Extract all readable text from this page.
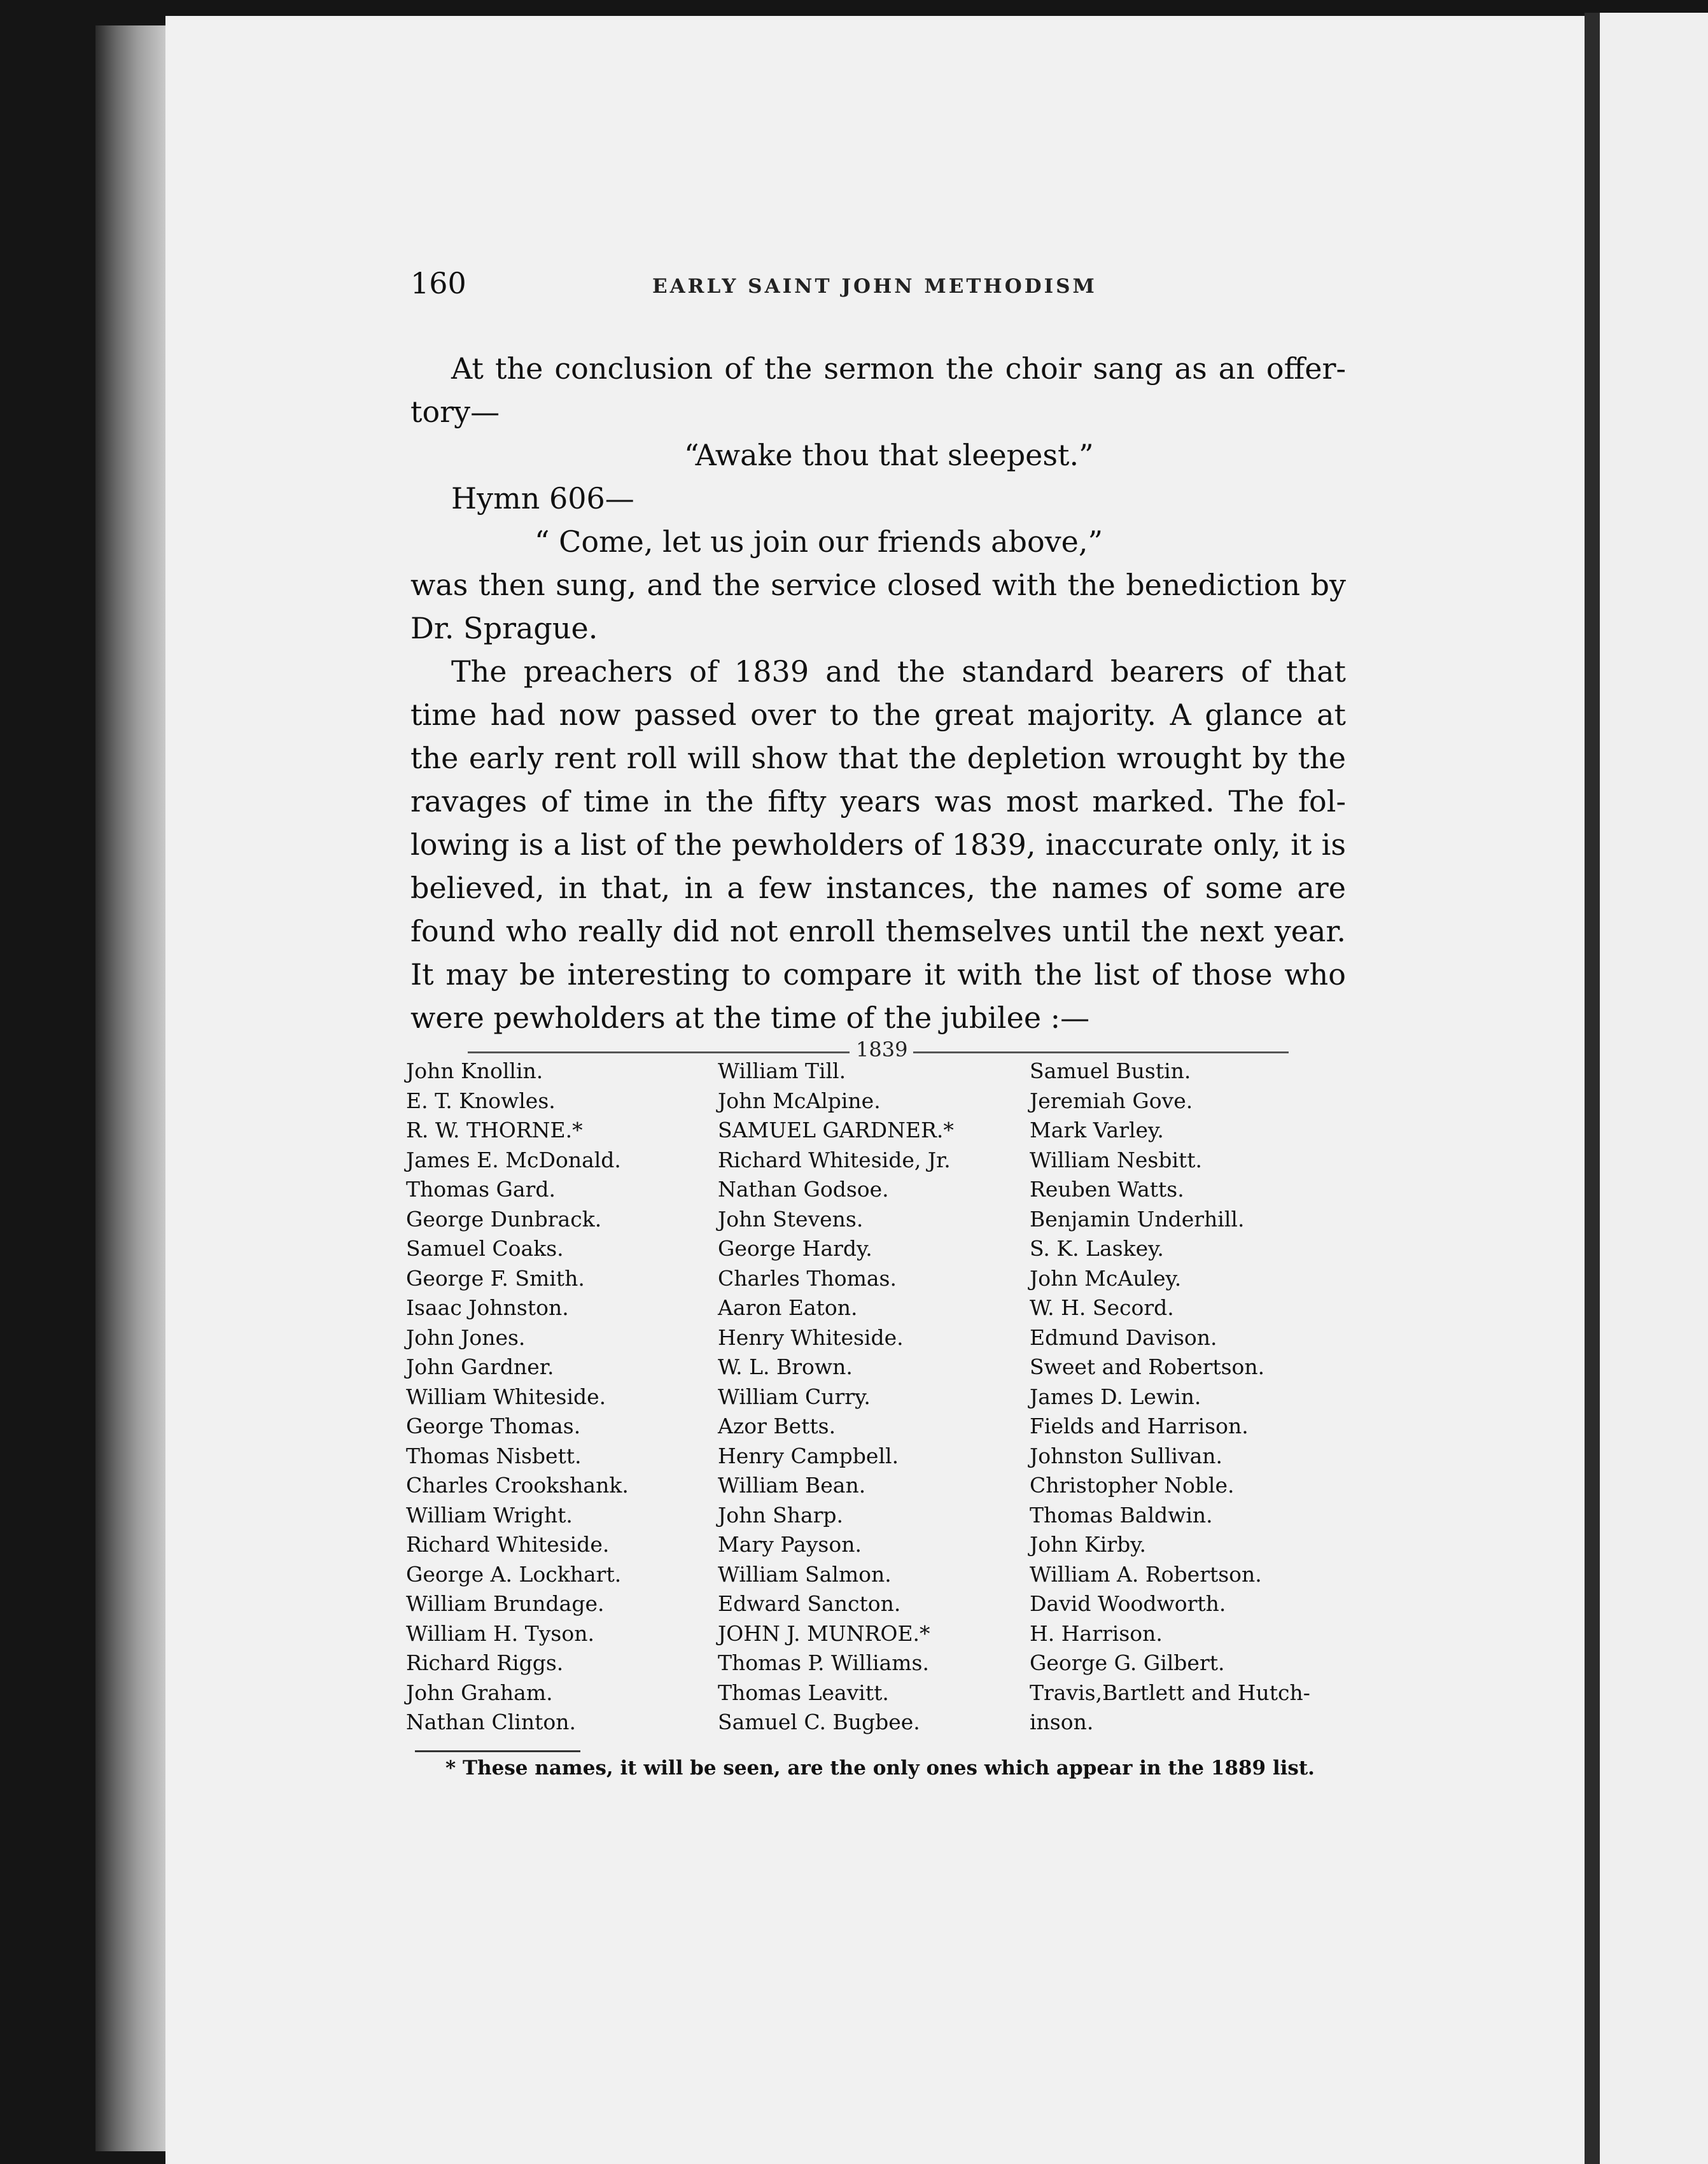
160	EARLY SAINT JOHN METHODISM

At the conclusion of the sermon the choir sang as an offer-tory—

“Awake thou that sleepest.”

Hymn 606—

“ Come, let us join our friends above,”

was then sung, and the service closed with the benediction by Dr. Sprague.

The preachers of 1839 and the standard bearers of that time had now passed over to the great majority. A glance at the early rent roll will show that the depletion wrought by the ravages of time in the fifty years was most marked. The fol-lowing is a list of the pewholders of 1839, inaccurate only, it is believed, in that, in a few instances, the names of some are found who really did not enroll themselves until the next year. It may be interesting to compare it with the list of those who were pewholders at the time of the jubilee :—

1839
John Knollin.
E. T. Knowles.
R. W. THORNE.*
James E. McDonald.
Thomas Gard.
George Dunbrack.
Samuel Coaks.
George F. Smith.
Isaac Johnston.
John Jones.
John Gardner.
William Whiteside.
George Thomas.
Thomas Nisbett.
Charles Crookshank.
William Wright.
Richard Whiteside.
George A. Lockhart.
William Brundage.
William H. Tyson.
Richard Riggs.
John Graham.
Nathan Clinton.
William Till.
John McAlpine.
SAMUEL GARDNER.*
Richard Whiteside, Jr.
Nathan Godsoe.
John Stevens.
George Hardy.
Charles Thomas.
Aaron Eaton.
Henry Whiteside.
W. L. Brown.
William Curry.
Azor Betts.
Henry Campbell.
William Bean.
John Sharp.
Mary Payson.
William Salmon.
Edward Sancton.
JOHN J. MUNROE.*
Thomas P. Williams.
Thomas Leavitt.
Samuel C. Bugbee.
Samuel Bustin.
Jeremiah Gove.
Mark Varley.
William Nesbitt.
Reuben Watts.
Benjamin Underhill.
S. K. Laskey.
John McAuley.
W. H. Secord.
Edmund Davison.
Sweet and Robertson.
James D. Lewin.
Fields and Harrison.
Johnston Sullivan.
Christopher Noble.
Thomas Baldwin.
John Kirby.
William A. Robertson.
David Woodworth.
H. Harrison.
George G. Gilbert.
Travis,Bartlett and Hutch-
inson.
* These names, it will be seen, are the only ones which appear in the 1889 list.
